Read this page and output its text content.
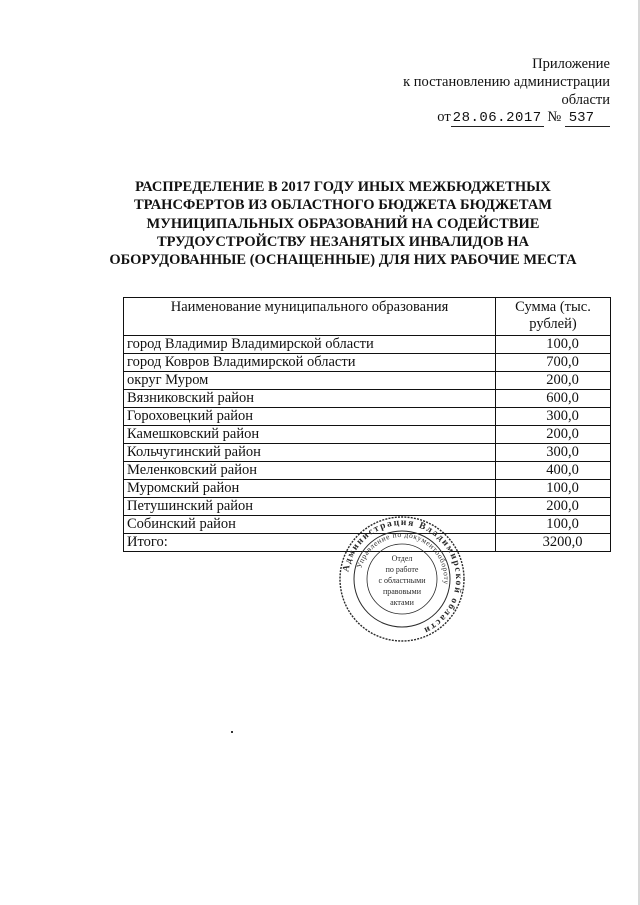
Приложение
к постановлению администрации
области
от 28.06.2017 № 537
РАСПРЕДЕЛЕНИЕ В 2017 ГОДУ ИНЫХ МЕЖБЮДЖЕТНЫХ
ТРАНСФЕРТОВ ИЗ ОБЛАСТНОГО БЮДЖЕТА БЮДЖЕТАМ
МУНИЦИПАЛЬНЫХ ОБРАЗОВАНИЙ НА СОДЕЙСТВИЕ
ТРУДОУСТРОЙСТВУ НЕЗАНЯТЫХ ИНВАЛИДОВ НА
ОБОРУДОВАННЫЕ (ОСНАЩЕННЫЕ) ДЛЯ НИХ РАБОЧИЕ МЕСТА
Наименование муниципального образования	Сумма (тыс. рублей)
город Владимир Владимирской области	100,0
город Ковров Владимирской области	700,0
округ Муром	200,0
Вязниковский район	600,0
Гороховецкий район	300,0
Камешковский район	200,0
Кольчугинский район	300,0
Меленковский район	400,0
Муромский район	100,0
Петушинский район	200,0
Собинский район	100,0
Итого:	3200,0
Администрация Владимирской области
Управление по документообороту
Отдел
по работе
с областными
правовыми
актами
